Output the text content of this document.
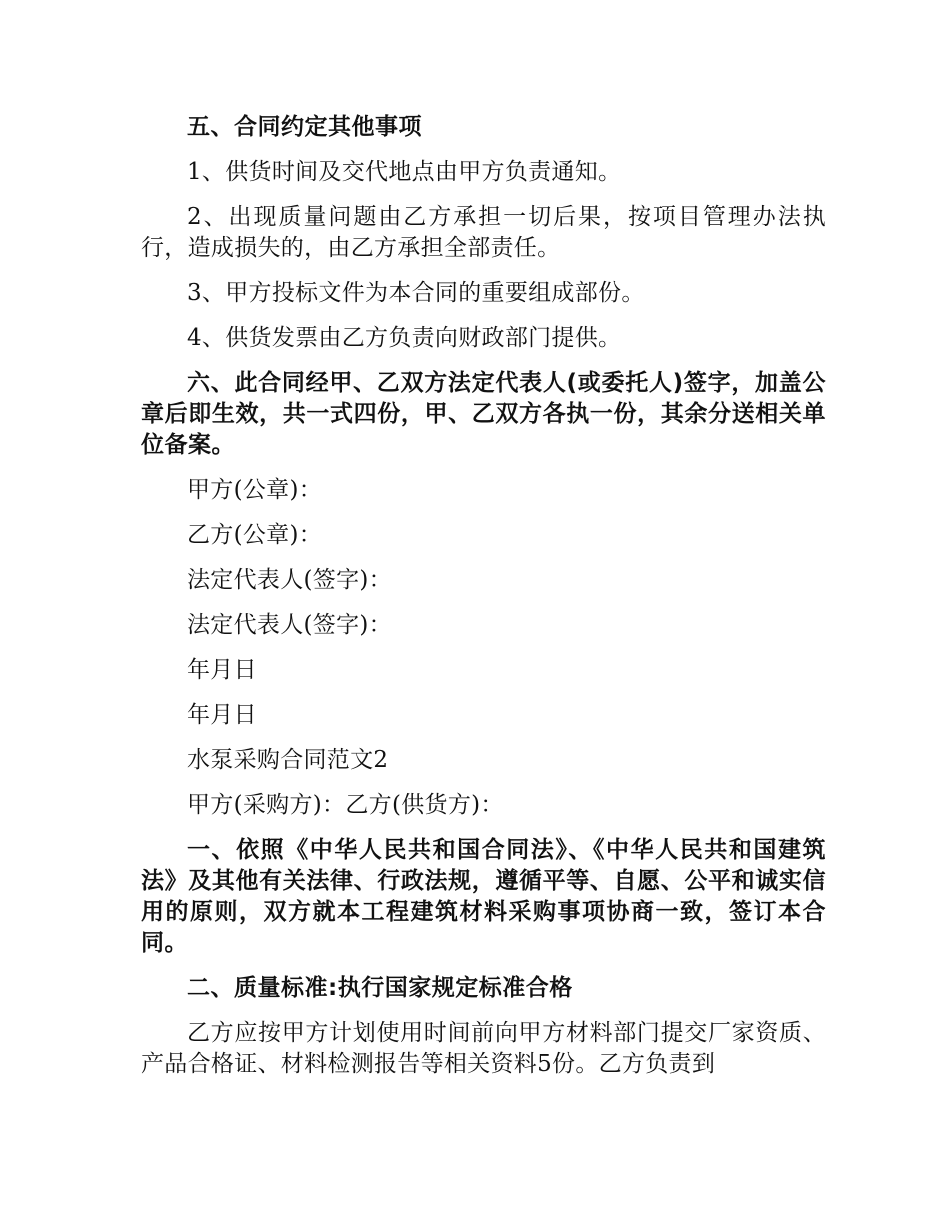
五、合同约定其他事项

1、供货时间及交代地点由甲方负责通知。

2、出现质量问题由乙方承担一切后果，按项目管理办法执行，造成损失的，由乙方承担全部责任。

3、甲方投标文件为本合同的重要组成部份。

4、供货发票由乙方负责向财政部门提供。

六、此合同经甲、乙双方法定代表人(或委托人)签字，加盖公章后即生效，共一式四份，甲、乙双方各执一份，其余分送相关单位备案。

甲方(公章)：

乙方(公章)：

法定代表人(签字)：

法定代表人(签字)：

年月日

年月日

水泵采购合同范文2

甲方(采购方)：乙方(供货方)：

一、依照《中华人民共和国合同法》、《中华人民共和国建筑法》及其他有关法律、行政法规，遵循平等、自愿、公平和诚实信用的原则，双方就本工程建筑材料采购事项协商一致，签订本合同。

二、质量标准:执行国家规定标准合格

乙方应按甲方计划使用时间前向甲方材料部门提交厂家资质、产品合格证、材料检测报告等相关资料5份。乙方负责到
